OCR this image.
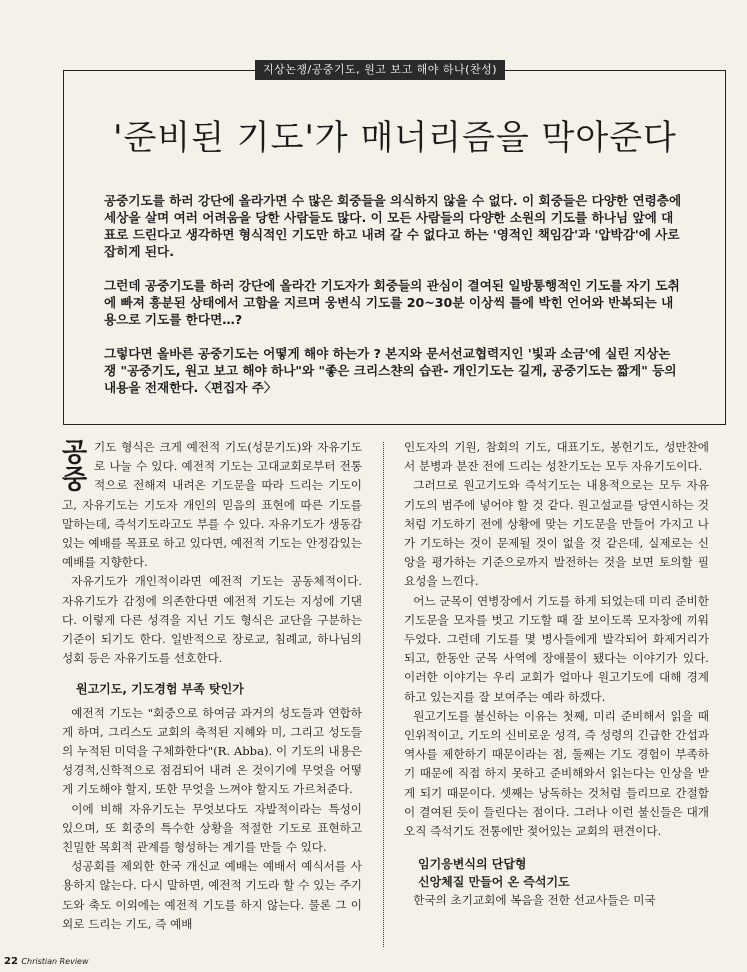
지상논쟁/공중기도, 원고 보고 해야 하나(찬성)
'준비된 기도'가 매너리즘을 막아준다

공중기도를 하러 강단에 올라가면 수 많은 회중들을 의식하지 않을 수 없다. 이 회중들은 다양한 연령층에 세상을 살며 여러 어려움을 당한 사람들도 많다. 이 모든 사람들의 다양한 소원의 기도를 하나님 앞에 대표로 드린다고 생각하면 형식적인 기도만 하고 내려 갈 수 없다고 하는 '영적인 책임감'과 '압박감'에 사로 잡히게 된다.

그런데 공중기도를 하러 강단에 올라간 기도자가 회중들의 관심이 결여된 일방통행적인 기도를 자기 도취에 빠져 흥분된 상태에서 고함을 지르며 웅변식 기도를 20~30분 이상씩 틀에 박힌 언어와 반복되는 내용으로 기도를 한다면…?

그렇다면 올바른 공중기도는 어떻게 해야 하는가 ? 본지와 문서선교협력지인 '빛과 소금'에 실린 지상논쟁 "공중기도, 원고 보고 해야 하나"와 "좋은 크리스챤의 습관- 개인기도는 길게, 공중기도는 짧게" 등의 내용을 전재한다.〈편집자 주〉

공중

기도 형식은 크게 예전적 기도(성문기도)와 자유기도로 나눌 수 있다. 예전적 기도는 고대교회로부터 전통적으로 전해져 내려온 기도문을 따라 드리는 기도이고, 자유기도는 기도자 개인의 믿음의 표현에 따른 기도를 말하는데, 즉석기도라고도 부를 수 있다. 자유기도가 생동감있는 예배를 목표로 하고 있다면, 예전적 기도는 안정감있는 예배를 지향한다.

자유기도가 개인적이라면 예전적 기도는 공동체적이다. 자유기도가 감정에 의존한다면 예전적 기도는 지성에 기댄다. 이렇게 다른 성격을 지닌 기도 형식은 교단을 구분하는 기준이 되기도 한다. 일반적으로 장로교, 침례교, 하나님의 성회 등은 자유기도를 선호한다.

원고기도, 기도경험 부족 탓인가

예전적 기도는 "회중으로 하여금 과거의 성도들과 연합하게 하며, 그리스도 교회의 축적된 지혜와 미, 그리고 성도들의 누적된 미덕을 구체화한다"(R. Abba). 이 기도의 내용은 성경적,신학적으로 점검되어 내려 온 것이기에 무엇을 어떻게 기도해야 할지, 또한 무엇을 느껴야 할지도 가르쳐준다.

이에 비해 자유기도는 무엇보다도 자발적이라는 특성이 있으며, 또 회중의 특수한 상황을 적절한 기도로 표현하고 친밀한 목회적 관계를 형성하는 계기를 만들 수 있다.

성공회를 제외한 한국 개신교 예배는 예배서 예식서를 사용하지 않는다. 다시 말하면, 예전적 기도라 할 수 있는 주기도와 축도 이외에는 예전적 기도를 하지 않는다. 물론 그 이외로 드리는 기도, 즉 예배

인도자의 기원, 참회의 기도, 대표기도, 봉헌기도, 성만찬에서 분병과 분잔 전에 드리는 성찬기도는 모두 자유기도이다.

그러므로 원고기도와 즉석기도는 내용적으로는 모두 자유기도의 범주에 넣어야 할 것 같다. 원고설교를 당연시하는 것처럼 기도하기 전에 상황에 맞는 기도문을 만들어 가지고 나가 기도하는 것이 문제될 것이 없을 것 같은데, 실제로는 신앙을 평가하는 기준으로까지 발전하는 것을 보면 토의할 필요성을 느낀다.

어느 군목이 연병장에서 기도를 하게 되었는데 미리 준비한 기도문을 모자를 벗고 기도할 때 잘 보이도록 모자창에 끼워두었다. 그런데 기도를 몇 병사들에게 발각되어 화제거리가 되고, 한동안 군목 사역에 장애물이 됐다는 이야기가 있다. 이러한 이야기는 우리 교회가 얼마나 원고기도에 대해 경계하고 있는지를 잘 보여주는 예라 하겠다.

원고기도를 불신하는 이유는 첫째, 미리 준비해서 읽을 때 인위적이고, 기도의 신비로운 성격, 즉 성령의 긴급한 간섭과 역사를 제한하기 때문이라는 점, 둘째는 기도 경험이 부족하기 때문에 직접 하지 못하고 준비해와서 읽는다는 인상을 받게 되기 때문이다. 셋째는 낭독하는 것처럼 들리므로 간절함이 결여된 듯이 들린다는 점이다. 그러나 이런 불신들은 대개 오직 즉석기도 전통에만 젖어있는 교회의 편견이다.

임기응변식의 단답형
신앙체질 만들어 온 즉석기도

한국의 초기교회에 복음을 전한 선교사들은 미국

22 Christian Review
